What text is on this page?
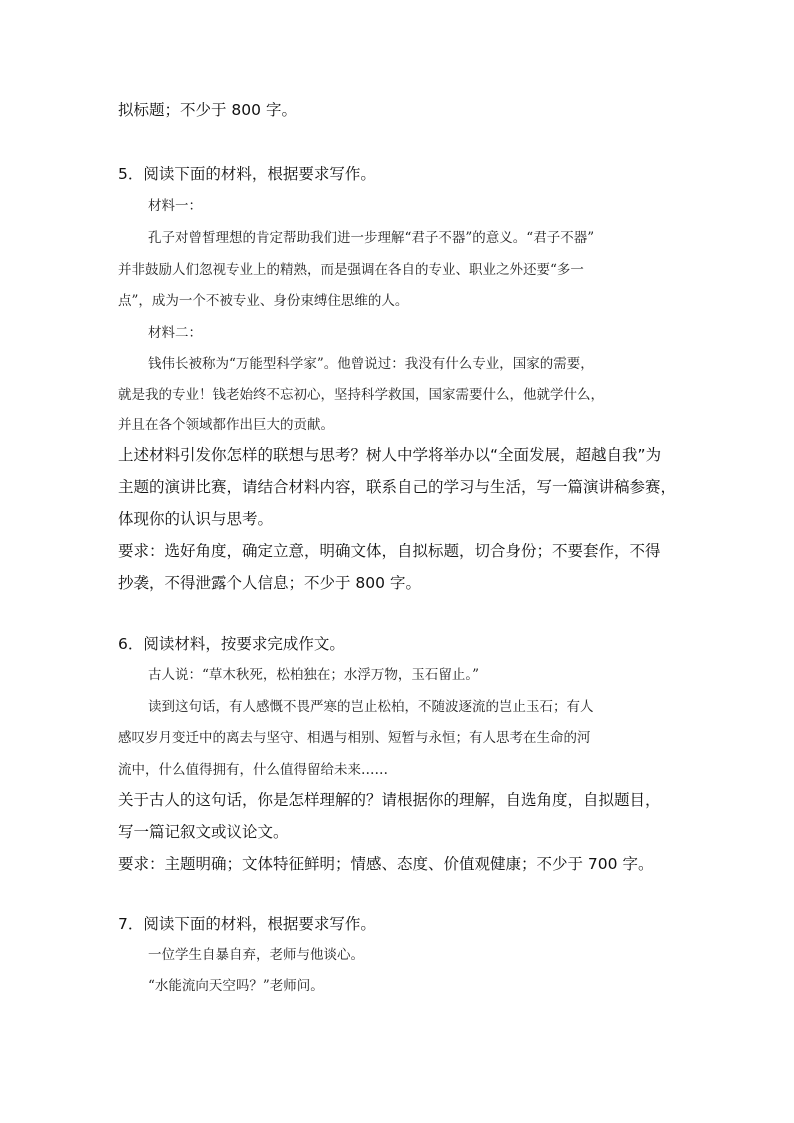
拟标题；不少于 800 字。
5．阅读下面的材料，根据要求写作。
材料一：
孔子对曾皙理想的肯定帮助我们进一步理解“君子不器”的意义。“君子不器”
并非鼓励人们忽视专业上的精熟，而是强调在各自的专业、职业之外还要“多一
点”，成为一个不被专业、身份束缚住思维的人。
材料二：
钱伟长被称为“万能型科学家”。他曾说过：我没有什么专业，国家的需要，
就是我的专业！钱老始终不忘初心，坚持科学救国，国家需要什么，他就学什么，
并且在各个领域都作出巨大的贡献。
上述材料引发你怎样的联想与思考？树人中学将举办以“全面发展，超越自我”为
主题的演讲比赛，请结合材料内容，联系自己的学习与生活，写一篇演讲稿参赛，
体现你的认识与思考。
要求：选好角度，确定立意，明确文体，自拟标题，切合身份；不要套作，不得
抄袭，不得泄露个人信息；不少于 800 字。
6．阅读材料，按要求完成作文。
古人说：“草木秋死，松柏独在；水浮万物，玉石留止。”
读到这句话，有人感慨不畏严寒的岂止松柏，不随波逐流的岂止玉石；有人
感叹岁月变迁中的离去与坚守、相遇与相别、短暂与永恒；有人思考在生命的河
流中，什么值得拥有，什么值得留给未来……
关于古人的这句话，你是怎样理解的？请根据你的理解，自选角度，自拟题目，
写一篇记叙文或议论文。
要求：主题明确；文体特征鲜明；情感、态度、价值观健康；不少于 700 字。
7．阅读下面的材料，根据要求写作。
一位学生自暴自弃，老师与他谈心。
“水能流向天空吗？”老师问。
